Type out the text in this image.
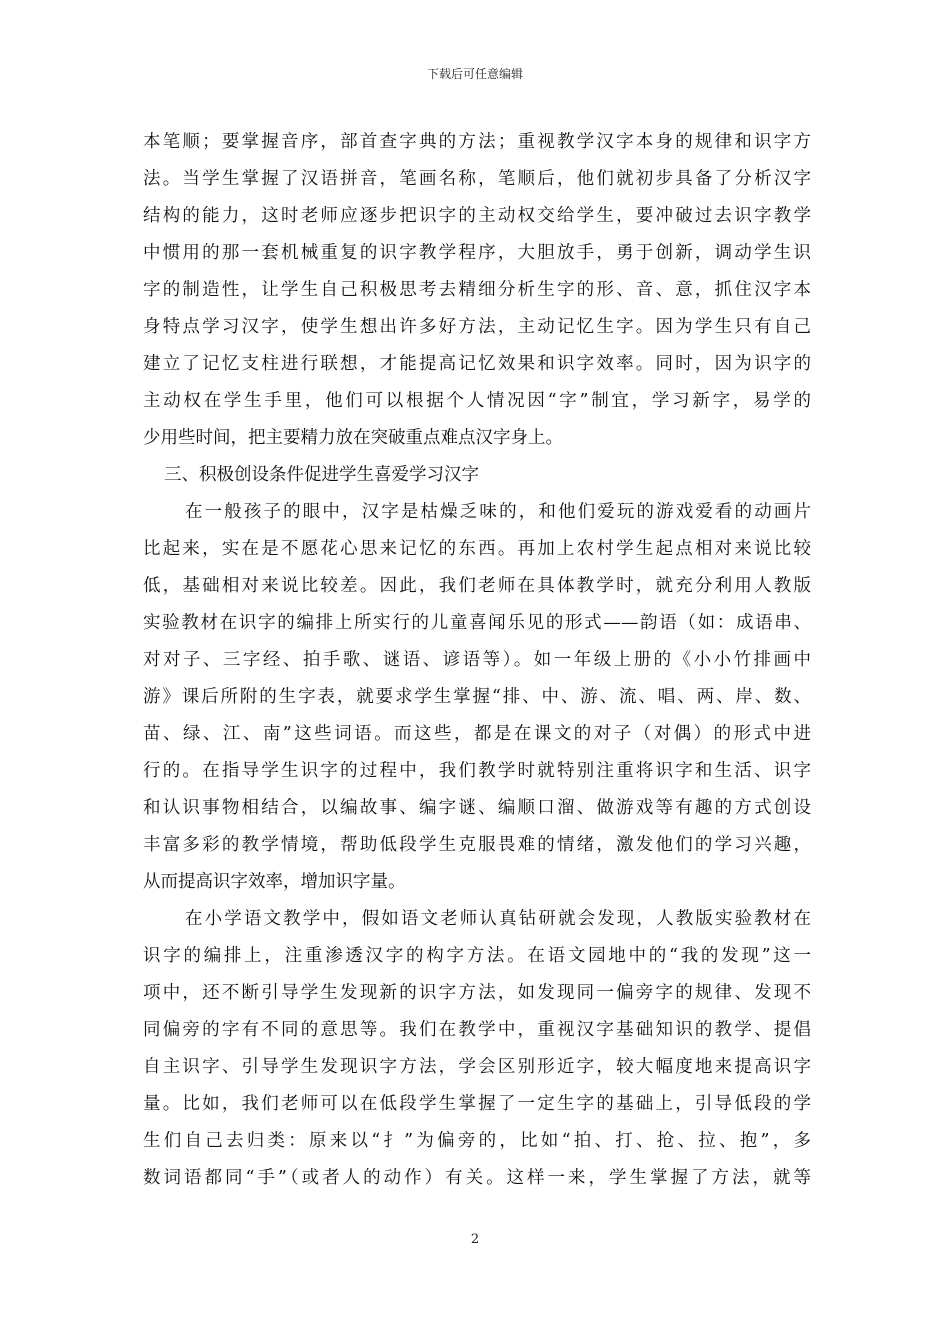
下载后可任意编辑
本笔顺；要掌握音序，部首查字典的方法；重视教学汉字本身的规律和识字方
法。当学生掌握了汉语拼音，笔画名称，笔顺后，他们就初步具备了分析汉字
结构的能力，这时老师应逐步把识字的主动权交给学生，要冲破过去识字教学
中惯用的那一套机械重复的识字教学程序，大胆放手，勇于创新，调动学生识
字的制造性，让学生自己积极思考去精细分析生字的形、音、意，抓住汉字本
身特点学习汉字，使学生想出许多好方法，主动记忆生字。因为学生只有自己
建立了记忆支柱进行联想，才能提高记忆效果和识字效率。同时，因为识字的
主动权在学生手里，他们可以根据个人情况因“字”制宜，学习新字，易学的
少用些时间，把主要精力放在突破重点难点汉字身上。
三、积极创设条件促进学生喜爱学习汉字
在一般孩子的眼中，汉字是枯燥乏味的，和他们爱玩的游戏爱看的动画片
比起来，实在是不愿花心思来记忆的东西。再加上农村学生起点相对来说比较
低，基础相对来说比较差。因此，我们老师在具体教学时，就充分利用人教版
实验教材在识字的编排上所实行的儿童喜闻乐见的形式——韵语（如：成语串、
对对子、三字经、拍手歌、谜语、谚语等）。如一年级上册的《小小竹排画中
游》课后所附的生字表，就要求学生掌握“排、中、游、流、唱、两、岸、数、
苗、绿、江、南”这些词语。而这些，都是在课文的对子（对偶）的形式中进
行的。在指导学生识字的过程中，我们教学时就特别注重将识字和生活、识字
和认识事物相结合，以编故事、编字谜、编顺口溜、做游戏等有趣的方式创设
丰富多彩的教学情境，帮助低段学生克服畏难的情绪，激发他们的学习兴趣，
从而提高识字效率，增加识字量。
在小学语文教学中，假如语文老师认真钻研就会发现，人教版实验教材在
识字的编排上，注重渗透汉字的构字方法。在语文园地中的“我的发现”这一
项中，还不断引导学生发现新的识字方法，如发现同一偏旁字的规律、发现不
同偏旁的字有不同的意思等。我们在教学中，重视汉字基础知识的教学、提倡
自主识字、引导学生发现识字方法，学会区别形近字，较大幅度地来提高识字
量。比如，我们老师可以在低段学生掌握了一定生字的基础上，引导低段的学
生们自己去归类：原来以“扌”为偏旁的，比如“拍、打、抢、拉、抱”，多
数词语都同“手”（或者人的动作）有关。这样一来，学生掌握了方法，就等
2
